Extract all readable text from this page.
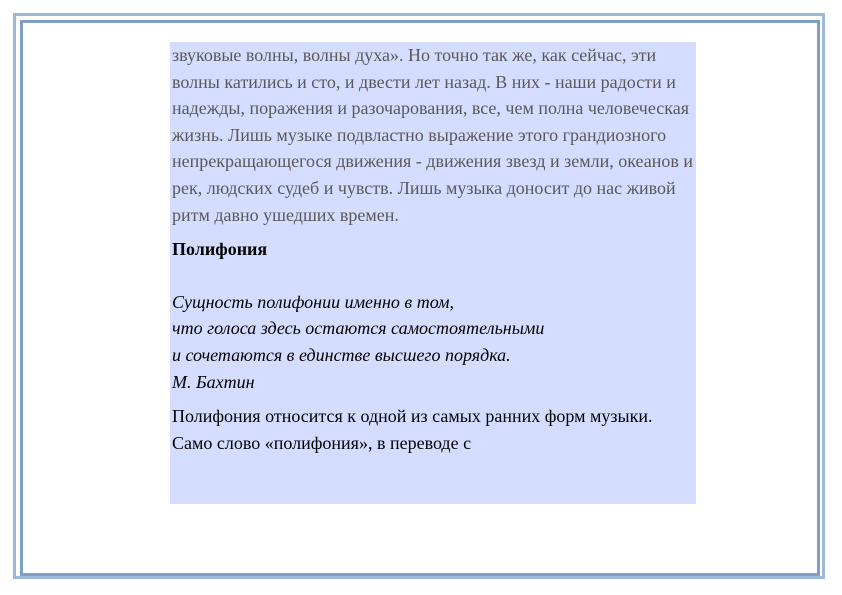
звуковые волны, волны духа». Но точно так же, как сейчас, эти волны катились и сто, и двести лет назад. В них - наши радости и надежды, поражения и разочарования, все, чем полна человеческая жизнь. Лишь музыке подвластно выражение этого грандиозного непрекращающегося движения - движения звезд и земли, океанов и рек, людских судеб и чувств. Лишь музыка доносит до нас живой ритм давно ушедших времен.

Полифония

Сущность полифонии именно в том,
что голоса здесь остаются самостоятельными
и сочетаются в единстве высшего порядка.
М. Бахтин

Полифония относится к одной из самых ранних форм музыки. Само слово «полифония», в переводе с
